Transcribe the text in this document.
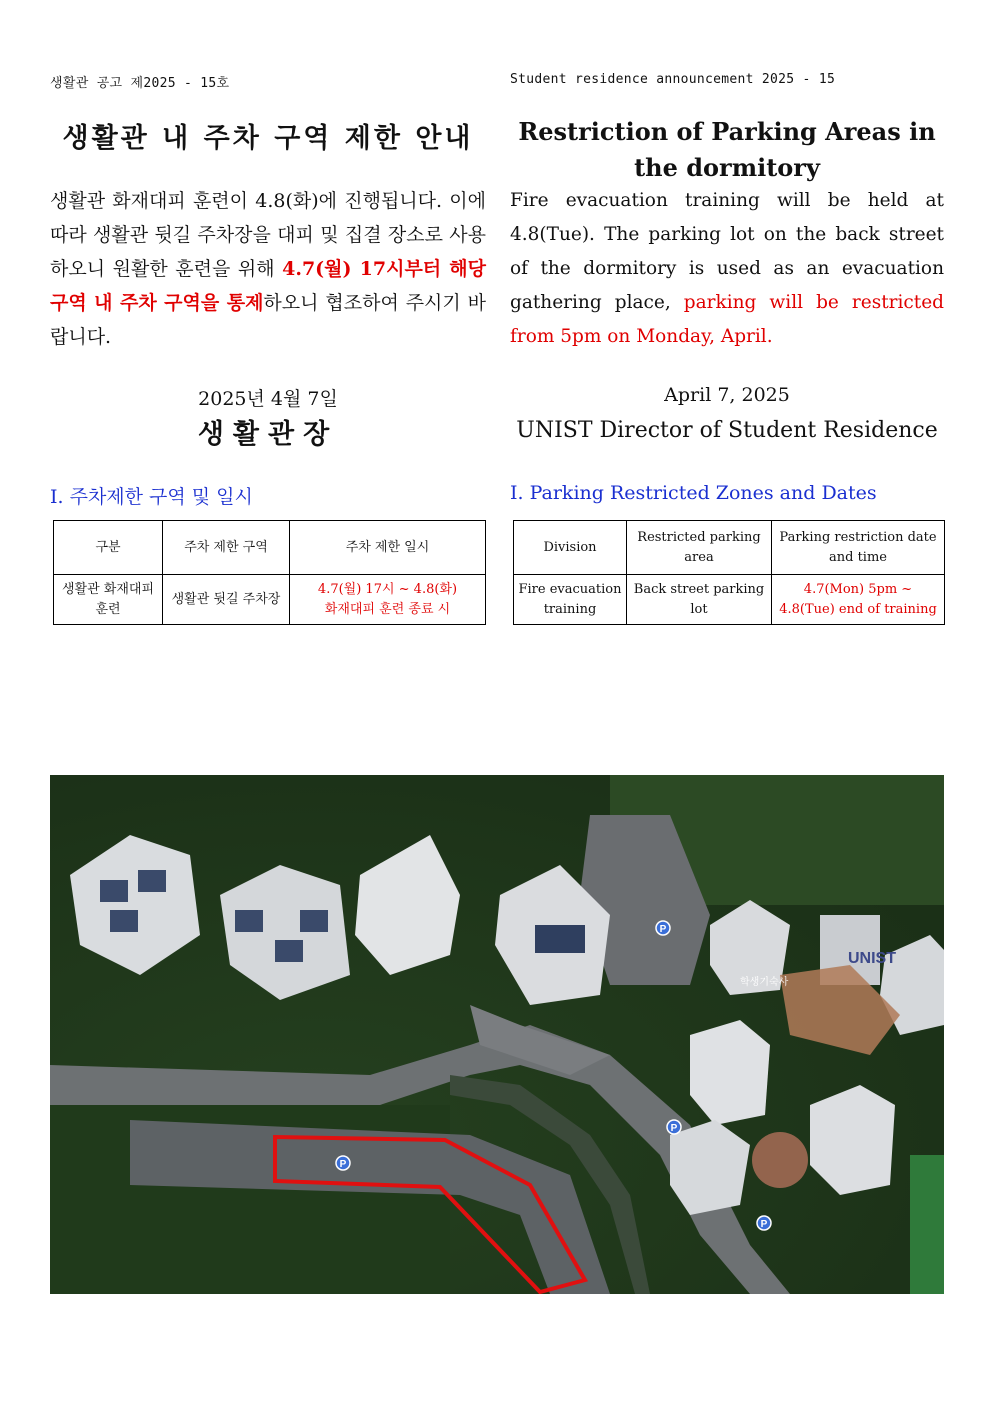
생활관 공고 제2025 - 15호
생활관 내 주차 구역 제한 안내
생활관 화재대피 훈련이 4.8(화)에 진행됩니다. 이에 따라 생활관 뒷길 주차장을 대피 및 집결 장소로 사용하오니 원활한 훈련을 위해 4.7(월) 17시부터 해당구역 내 주차 구역을 통제하오니 협조하여 주시기 바랍니다.
2025년 4월 7일
생활관장
Ⅰ. 주차제한 구역 및 일시
구분	주차 제한 구역	주차 제한 일시
생활관 화재대피 훈련	생활관 뒷길 주차장	4.7(월) 17시 ~ 4.8(화)
화재대피 훈련 종료 시
Student residence announcement 2025 - 15
Restriction of Parking Areas in the dormitory
Fire evacuation training will be held at 4.8(Tue). The parking lot on the back street of the dormitory is used as an evacuation gathering place, parking will be restricted from 5pm on Monday, April.
April 7, 2025
UNIST Director of Student Residence
Ⅰ. Parking Restricted Zones and Dates
Division	Restricted parking area	Parking restriction date and time
Fire evacuation training	Back street parking lot	4.7(Mon) 5pm ~
4.8(Tue) end of training
UNIST
학생기숙사
P
P
P
P
